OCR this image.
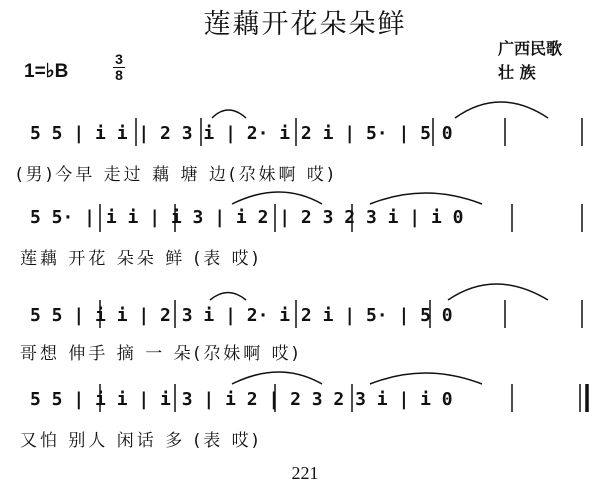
莲藕开花朵朵鲜
广西民歌
壮 族
1=♭B
3
8
5 5 | i i | 2 3 i | 2· i 2 i | 5· | 5 0
(男)今早 走过 藕 塘 边(尕妹啊 哎)
5 5· | i i | i 3 | i 2 | 2 3 2 3 i | i 0
莲藕 开花 朵朵 鲜 (表 哎)
5 5 | i i | 2 3 i | 2· i 2 i | 5· | 5 0
哥想 伸手 摘 一 朵(尕妹啊 哎)
5 5 | i i | i 3 | i 2 | 2 3 2 3 i | i 0
又怕 别人 闲话 多 (表 哎)
221
